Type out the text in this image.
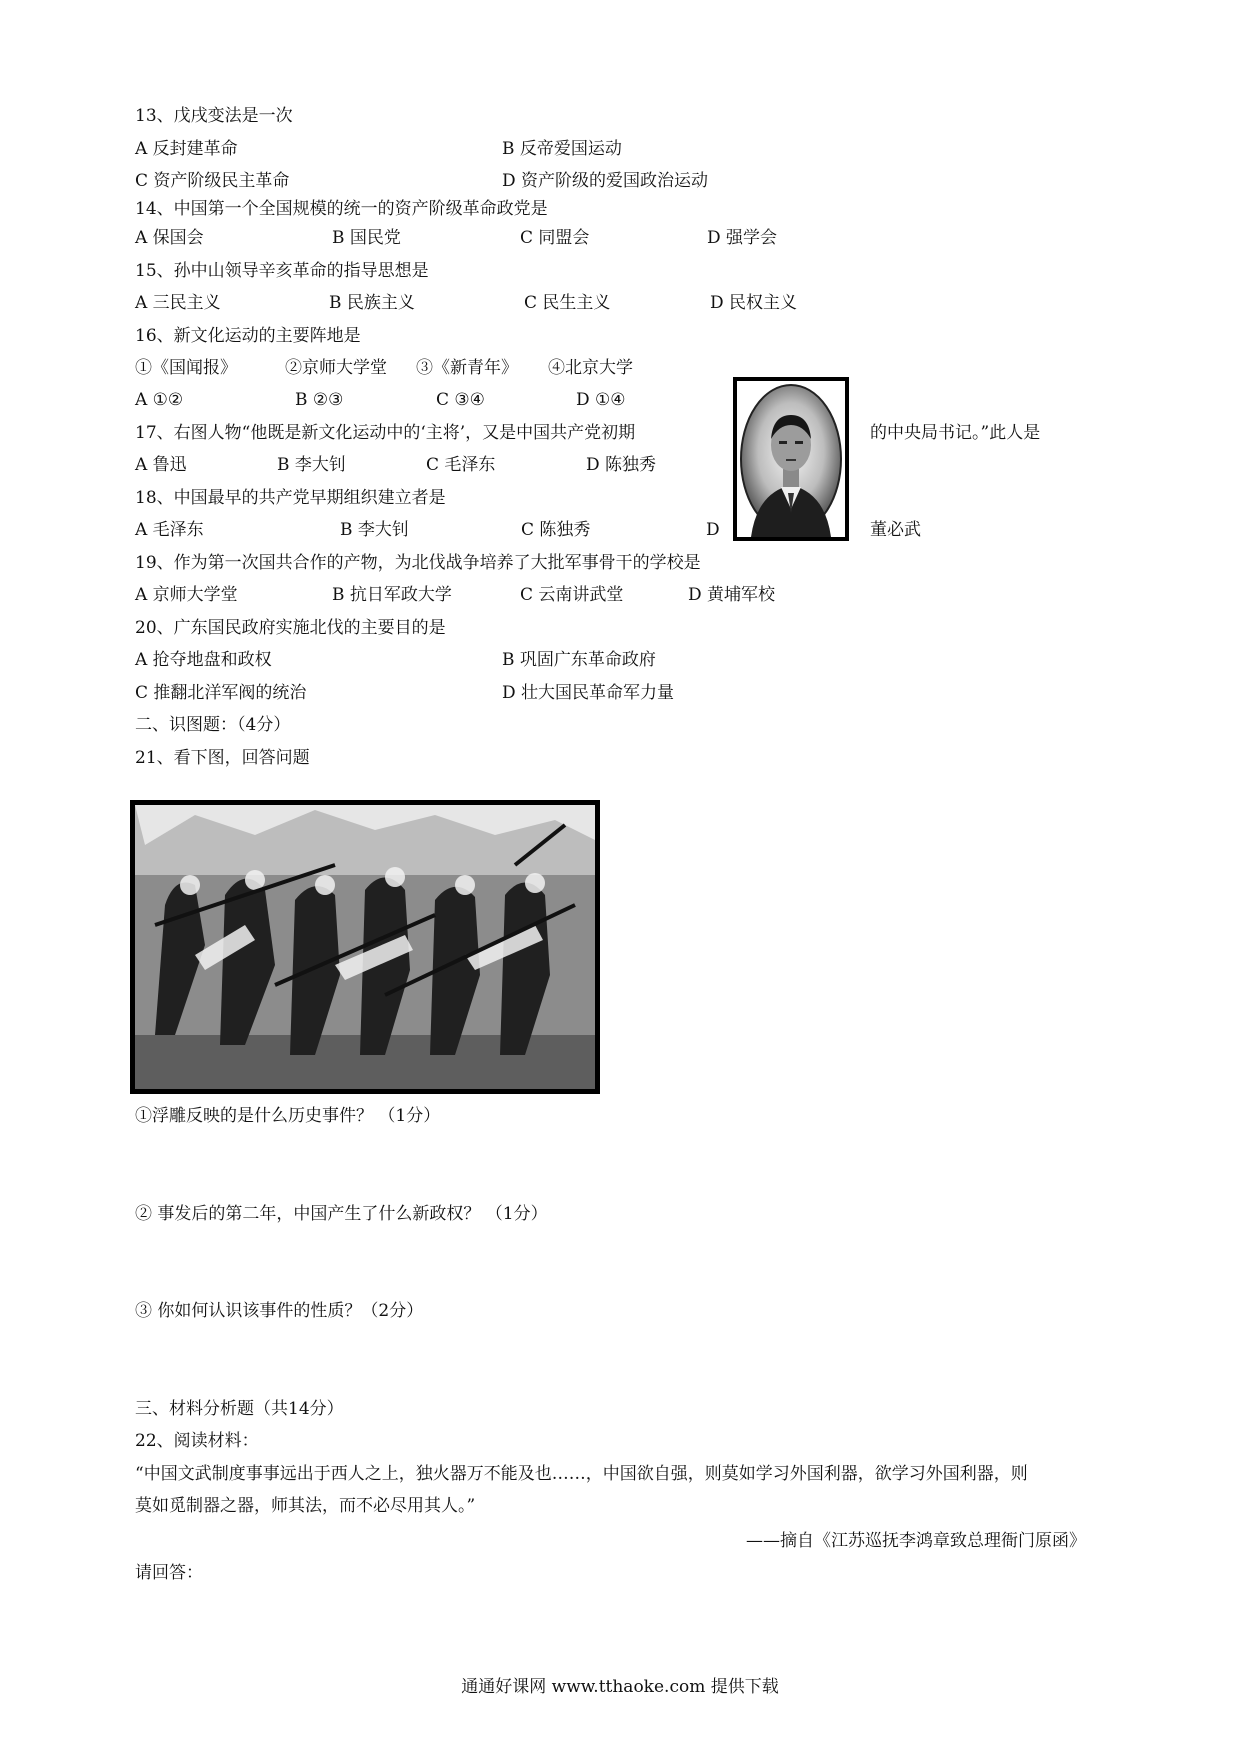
13、戊戌变法是一次
A 反封建革命	B 反帝爱国运动
C 资产阶级民主革命	D 资产阶级的爱国政治运动
14、中国第一个全国规模的统一的资产阶级革命政党是
A 保国会	B 国民党	C 同盟会	D 强学会
15、孙中山领导辛亥革命的指导思想是
A 三民主义	B 民族主义	C 民生主义	D 民权主义
16、新文化运动的主要阵地是
①《国闻报》	②京师大学堂 ③《新青年》 ④北京大学
A ①②	B ②③	C ③④	D ①④
17、右图人物“他既是新文化运动中的‘主将’，又是中国共产党初期	的中央局书记。”此人是
A 鲁迅	B 李大钊	C 毛泽东	D 陈独秀
18、中国最早的共产党早期组织建立者是
A 毛泽东	B 李大钊	C 陈独秀	D	董必武
19、作为第一次国共合作的产物，为北伐战争培养了大批军事骨干的学校是
A 京师大学堂	B 抗日军政大学	C 云南讲武堂	D 黄埔军校
20、广东国民政府实施北伐的主要目的是
A 抢夺地盘和政权	B 巩固广东革命政府
C 推翻北洋军阀的统治	D 壮大国民革命军力量
二、识图题：（4分）
21、看下图，回答问题
①浮雕反映的是什么历史事件？ （1分）
② 事发后的第二年，中国产生了什么新政权？ （1分）
③ 你如何认识该事件的性质？（2分）
三、材料分析题（共14分）
22、阅读材料：
“中国文武制度事事远出于西人之上，独火器万不能及也……，中国欲自强，则莫如学习外国利器，欲学习外国利器，则
莫如觅制器之器，师其法，而不必尽用其人。”
——摘自《江苏巡抚李鸿章致总理衙门原函》
请回答：
通通好课网 www.tthaoke.com 提供下载
